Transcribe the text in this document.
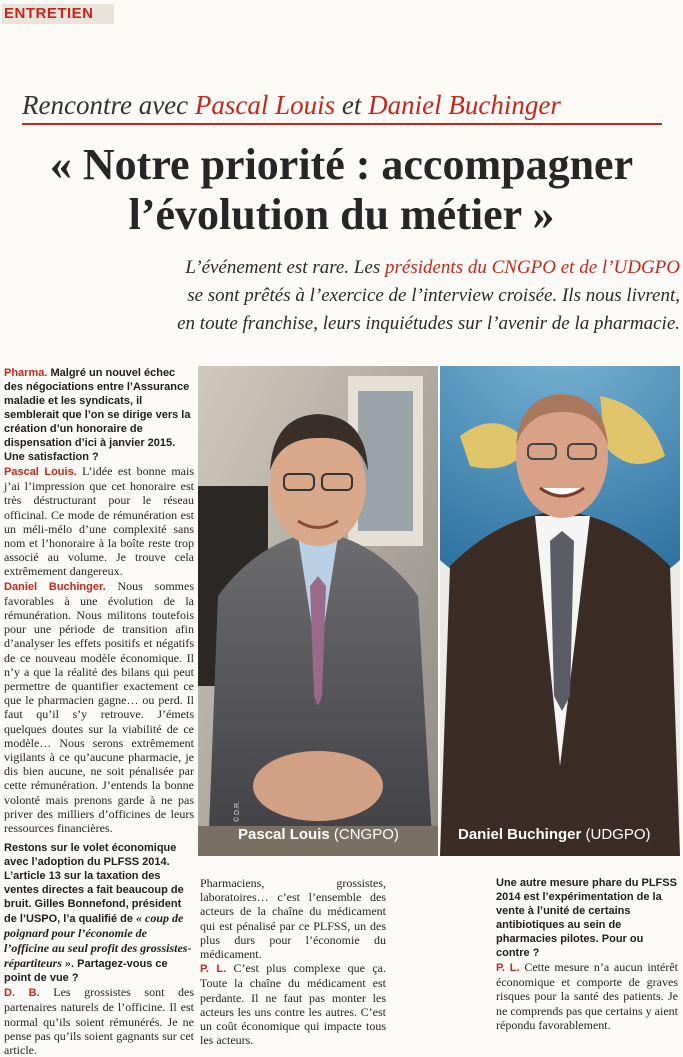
ENTRETIEN
Rencontre avec Pascal Louis et Daniel Buchinger
« Notre priorité : accompagner
l’évolution du métier »
L’événement est rare. Les présidents du CNGPO et de l’UDGPO se sont prêtés à l’exercice de l’interview croisée. Ils nous livrent, en toute franchise, leurs inquiétudes sur l’avenir de la pharmacie.

Pharma. Malgré un nouvel échec des négociations entre l’Assurance maladie et les syndicats, il semblerait que l’on se dirige vers la création d’un honoraire de dispensation d’ici à janvier 2015. Une satisfaction ?

Pascal Louis. L’idée est bonne mais j’ai l’impression que cet honoraire est très déstructurant pour le réseau officinal. Ce mode de rémunération est un méli-mélo d’une complexité sans nom et l’honoraire à la boîte reste trop associé au volume. Je trouve cela extrêmement dangereux.

Daniel Buchinger. Nous sommes favorables à une évolution de la rémunération. Nous militons toutefois pour une période de transition afin d’analyser les effets positifs et négatifs de ce nouveau modèle économique. Il n’y a que la réalité des bilans qui peut permettre de quantifier exactement ce que le pharmacien gagne… ou perd. Il faut qu’il s’y retrouve. J’émets quelques doutes sur la viabilité de ce modèle… Nous serons extrêmement vigilants à ce qu’aucune pharmacie, je dis bien aucune, ne soit pénalisée par cette rémunération. J’entends la bonne volonté mais prenons garde à ne pas priver des milliers d’officines de leurs ressources financières.

Restons sur le volet économique avec l’adoption du PLFSS 2014. L’article 13 sur la taxation des ventes directes a fait beaucoup de bruit. Gilles Bonnefond, président de l’USPO, l’a qualifié de « coup de poignard pour l’économie de l’officine au seul profit des grossistes-répartiteurs ». Partagez-vous ce point de vue ?

D. B. Les grossistes sont des partenaires naturels de l’officine. Il est normal qu’ils soient rémunérés. Je ne pense pas qu’ils soient gagnants sur cet article.

Pascal Louis (CNGPO)
© D.R.
Daniel Buchinger (UDGPO)

Pharmaciens, grossistes, laboratoires… c’est l’ensemble des acteurs de la chaîne du médicament qui est pénalisé par ce PLFSS, un des plus durs pour l’économie du médicament.

P. L. C’est plus complexe que ça. Toute la chaîne du médicament est perdante. Il ne faut pas monter les acteurs les uns contre les autres. C’est un coût économique qui impacte tous les acteurs.

Une autre mesure phare du PLFSS 2014 est l’expérimentation de la vente à l’unité de certains antibiotiques au sein de pharmacies pilotes. Pour ou contre ?

P. L. Cette mesure n’a aucun intérêt économique et comporte de graves risques pour la santé des patients. Je ne comprends pas que certains y aient répondu favorablement.
